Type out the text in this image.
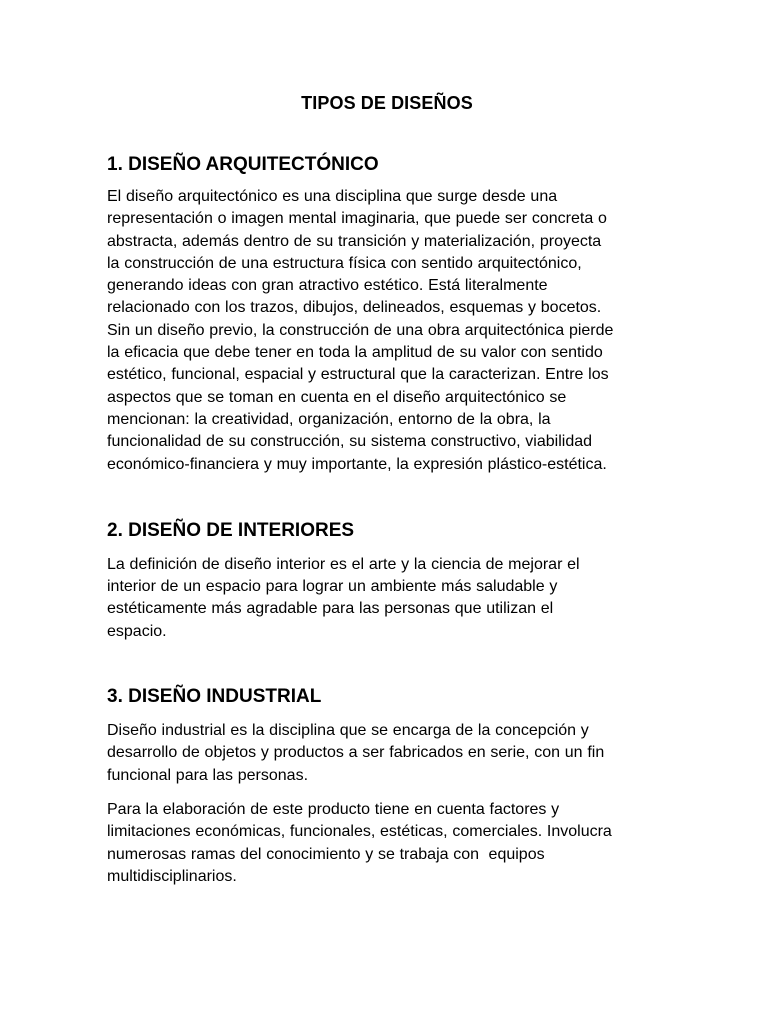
TIPOS DE DISEÑOS
1. DISEÑO ARQUITECTÓNICO

El diseño arquitectónico es una disciplina que surge desde una
representación o imagen mental imaginaria, que puede ser concreta o
abstracta, además dentro de su transición y materialización, proyecta
la construcción de una estructura física con sentido arquitectónico,
generando ideas con gran atractivo estético. Está literalmente
relacionado con los trazos, dibujos, delineados, esquemas y bocetos.
Sin un diseño previo, la construcción de una obra arquitectónica pierde
la eficacia que debe tener en toda la amplitud de su valor con sentido
estético, funcional, espacial y estructural que la caracterizan. Entre los
aspectos que se toman en cuenta en el diseño arquitectónico se
mencionan: la creatividad, organización, entorno de la obra, la
funcionalidad de su construcción, su sistema constructivo, viabilidad
económico-financiera y muy importante, la expresión plástico-estética.

2. DISEÑO DE INTERIORES

La definición de diseño interior es el arte y la ciencia de mejorar el
interior de un espacio para lograr un ambiente más saludable y
estéticamente más agradable para las personas que utilizan el
espacio.

3. DISEÑO INDUSTRIAL

Diseño industrial es la disciplina que se encarga de la concepción y
desarrollo de objetos y productos a ser fabricados en serie, con un fin
funcional para las personas.

Para la elaboración de este producto tiene en cuenta factores y
limitaciones económicas, funcionales, estéticas, comerciales. Involucra
numerosas ramas del conocimiento y se trabaja con  equipos
multidisciplinarios.
